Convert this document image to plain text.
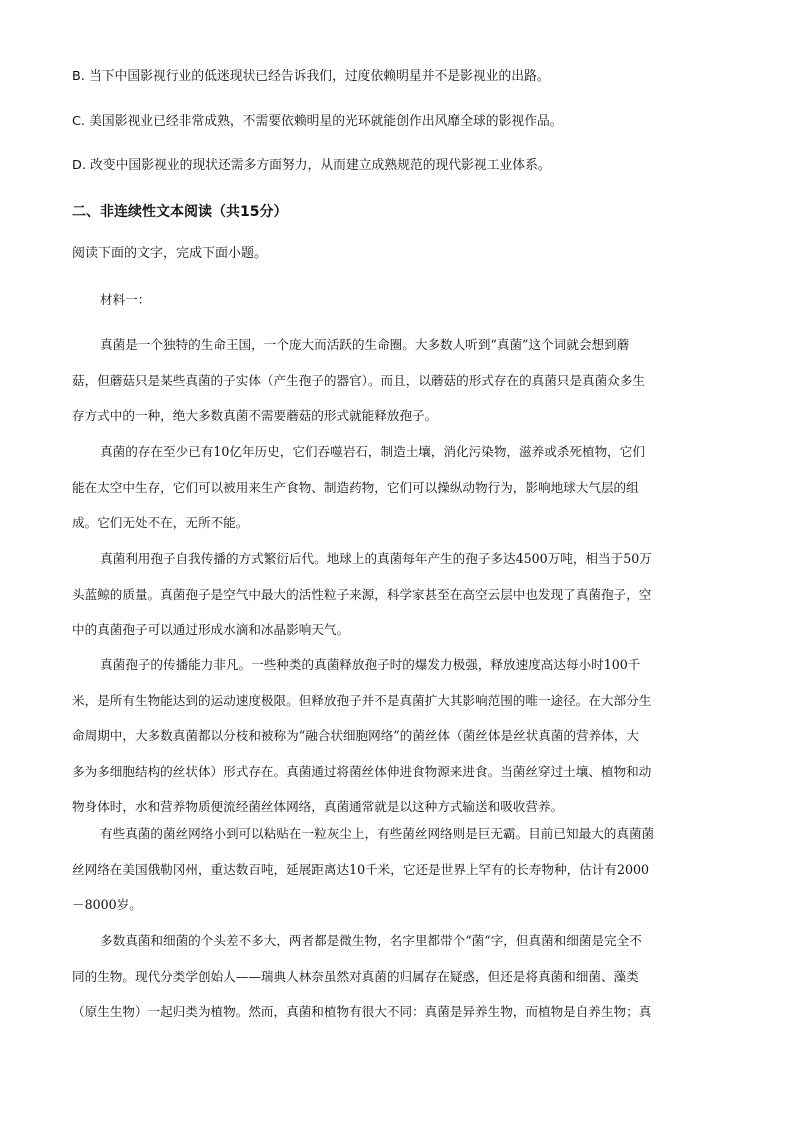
B. 当下中国影视行业的低迷现状已经告诉我们，过度依赖明星并不是影视业的出路。
C. 美国影视业已经非常成熟，不需要依赖明星的光环就能创作出风靡全球的影视作品。
D. 改变中国影视业的现状还需多方面努力，从而建立成熟规范的现代影视工业体系。
二、非连续性文本阅读（共15分）
阅读下面的文字，完成下面小题。
材料一：
真菌是一个独特的生命王国，一个庞大而活跃的生命圈。大多数人听到“真菌”这个词就会想到蘑
菇，但蘑菇只是某些真菌的子实体（产生孢子的器官）。而且，以蘑菇的形式存在的真菌只是真菌众多生
存方式中的一种，绝大多数真菌不需要蘑菇的形式就能释放孢子。
真菌的存在至少已有10亿年历史，它们吞噬岩石，制造土壤，消化污染物，滋养或杀死植物，它们
能在太空中生存，它们可以被用来生产食物、制造药物，它们可以操纵动物行为，影响地球大气层的组
成。它们无处不在，无所不能。
真菌利用孢子自我传播的方式繁衍后代。地球上的真菌每年产生的孢子多达4500万吨，相当于50万
头蓝鲸的质量。真菌孢子是空气中最大的活性粒子来源，科学家甚至在高空云层中也发现了真菌孢子，空
中的真菌孢子可以通过形成水滴和冰晶影响天气。
真菌孢子的传播能力非凡。一些种类的真菌释放孢子时的爆发力极强，释放速度高达每小时100千
米，是所有生物能达到的运动速度极限。但释放孢子并不是真菌扩大其影响范围的唯一途径。在大部分生
命周期中，大多数真菌都以分枝和被称为“融合状细胞网络”的菌丝体（菌丝体是丝状真菌的营养体，大
多为多细胞结构的丝状体）形式存在。真菌通过将菌丝体伸进食物源来进食。当菌丝穿过土壤、植物和动
物身体时，水和营养物质便流经菌丝体网络，真菌通常就是以这种方式输送和吸收营养。
有些真菌的菌丝网络小到可以粘贴在一粒灰尘上，有些菌丝网络则是巨无霸。目前已知最大的真菌菌
丝网络在美国俄勒冈州，重达数百吨，延展距离达10千米，它还是世界上罕有的长寿物种，估计有2000
－8000岁。
多数真菌和细菌的个头差不多大，两者都是微生物，名字里都带个“菌“字，但真菌和细菌是完全不
同的生物。现代分类学创始人——瑞典人林奈虽然对真菌的归属存在疑惑，但还是将真菌和细菌、藻类
（原生生物）一起归类为植物。然而，真菌和植物有很大不同：真菌是异养生物，而植物是自养生物；真
